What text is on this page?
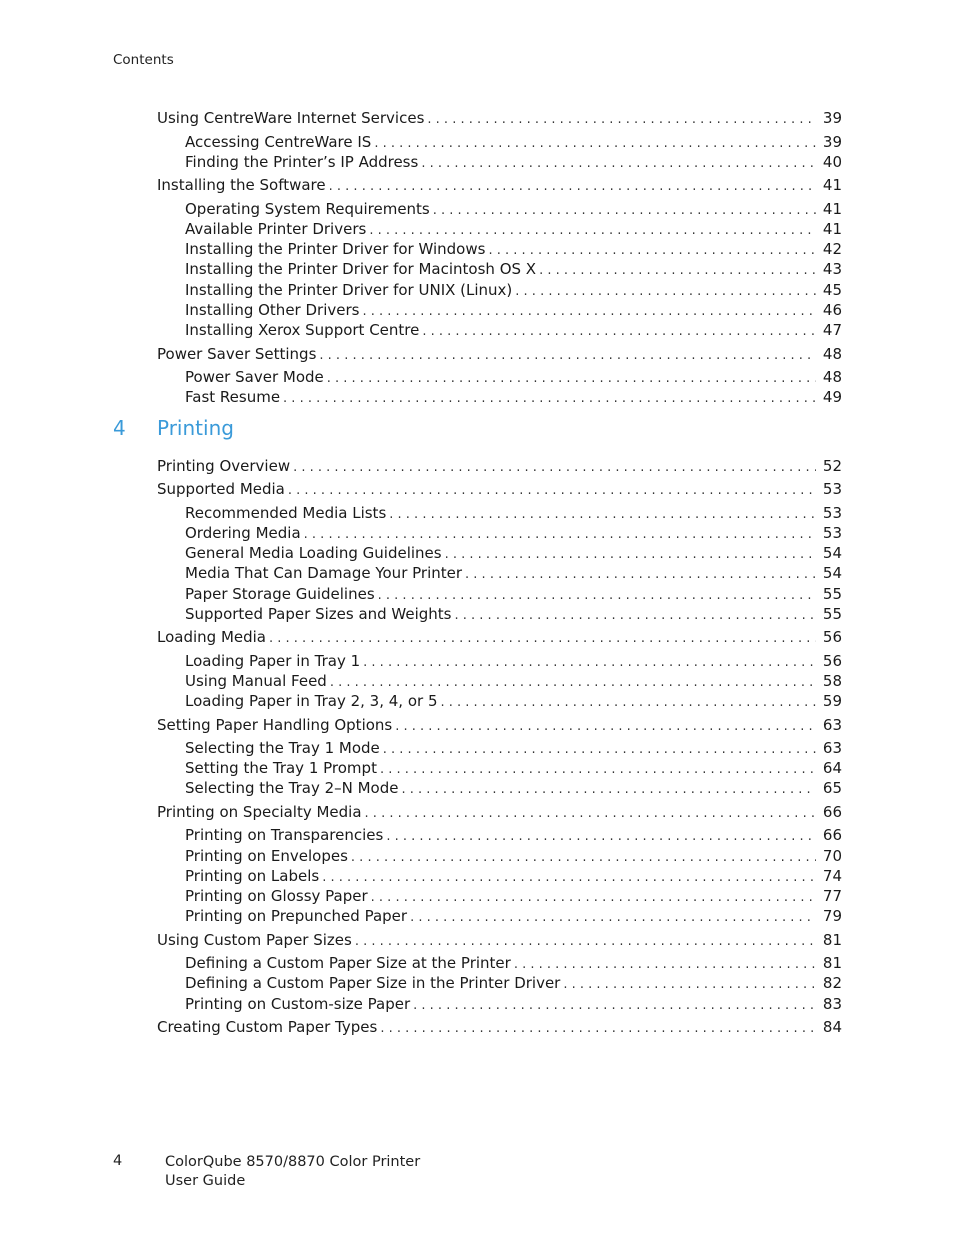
Contents
Using CentreWare Internet Services . . .	39
Accessing CentreWare IS . . .	39
Finding the Printer’s IP Address . . .	40
Installing the Software . . .	41
Operating System Requirements . . .	41
Available Printer Drivers . . .	41
Installing the Printer Driver for Windows . . .	42
Installing the Printer Driver for Macintosh OS X . . .	43
Installing the Printer Driver for UNIX (Linux) . . .	45
Installing Other Drivers . . .	46
Installing Xerox Support Centre . . .	47
Power Saver Settings . . .	48
Power Saver Mode . . .	48
Fast Resume . . .	49
Printing Overview . . .	52
Supported Media . . .	53
Recommended Media Lists . . .	53
Ordering Media . . .	53
General Media Loading Guidelines . . .	54
Media That Can Damage Your Printer . . .	54
Paper Storage Guidelines . . .	55
Supported Paper Sizes and Weights . . .	55
Loading Media . . .	56
Loading Paper in Tray 1 . . .	56
Using Manual Feed . . .	58
Loading Paper in Tray 2, 3, 4, or 5 . . .	59
Setting Paper Handling Options . . .	63
Selecting the Tray 1 Mode . . .	63
Setting the Tray 1 Prompt . . .	64
Selecting the Tray 2–N Mode . . .	65
Printing on Specialty Media . . .	66
Printing on Transparencies . . .	66
Printing on Envelopes . . .	70
Printing on Labels . . .	74
Printing on Glossy Paper . . .	77
Printing on Prepunched Paper . . .	79
Using Custom Paper Sizes . . .	81
Defining a Custom Paper Size at the Printer . . .	81
Defining a Custom Paper Size in the Printer Driver . . .	82
Printing on Custom-size Paper . . .	83
Creating Custom Paper Types . . .	84
4	Printing
4	ColorQube 8570/8870 Color Printer
User Guide
